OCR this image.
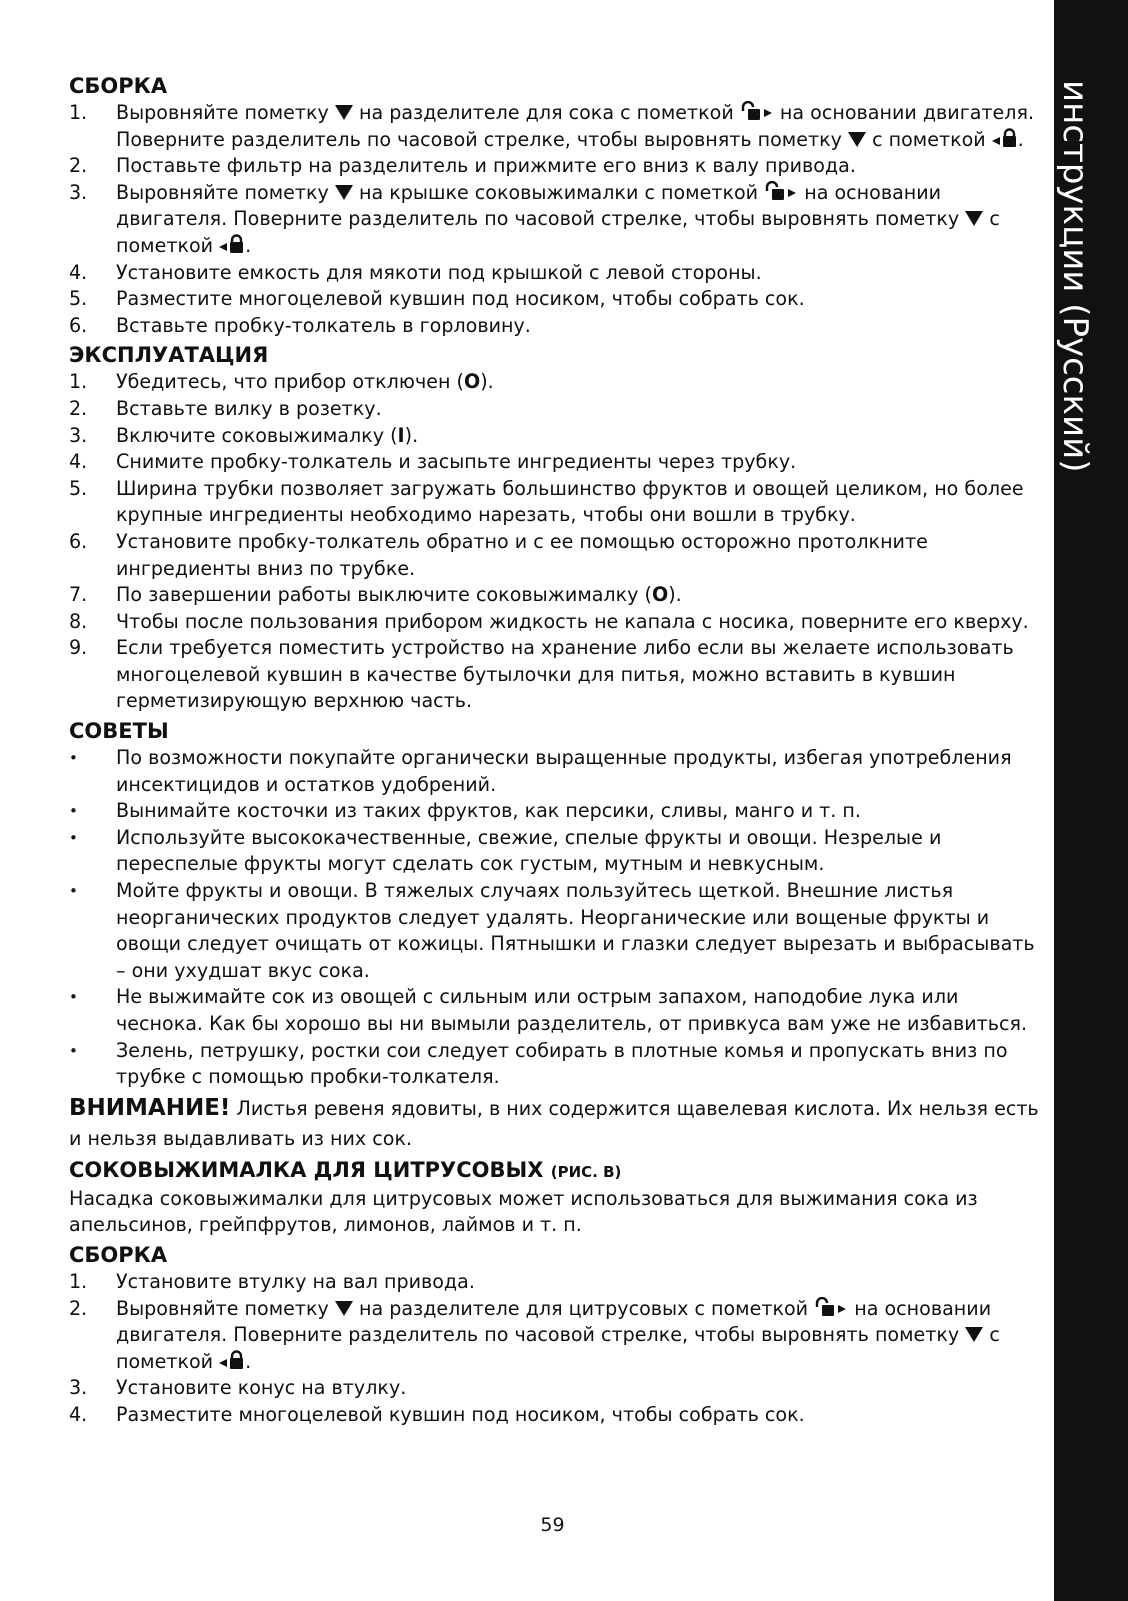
инструкции (Русский)
СБОРКА
1. Выровняйте пометку на разделителе для сока с пометкой на основании двигателя. Поверните разделитель по часовой стрелке, чтобы выровнять пометку с пометкой .
2. Поставьте фильтр на разделитель и прижмите его вниз к валу привода.
3. Выровняйте пометку на крышке соковыжималки с пометкой на основании двигателя. Поверните разделитель по часовой стрелке, чтобы выровнять пометку с пометкой .
4. Установите емкость для мякоти под крышкой с левой стороны.
5. Разместите многоцелевой кувшин под носиком, чтобы собрать сок.
6. Вставьте пробку-толкатель в горловину.
ЭКСПЛУАТАЦИЯ
1. Убедитесь, что прибор отключен (O).
2. Вставьте вилку в розетку.
3. Включите соковыжималку (I).
4. Снимите пробку-толкатель и засыпьте ингредиенты через трубку.
5. Ширина трубки позволяет загружать большинство фруктов и овощей целиком, но более крупные ингредиенты необходимо нарезать, чтобы они вошли в трубку.
6. Установите пробку-толкатель обратно и с ее помощью осторожно протолкните ингредиенты вниз по трубке.
7. По завершении работы выключите соковыжималку (O).
8. Чтобы после пользования прибором жидкость не капала с носика, поверните его кверху.
9. Если требуется поместить устройство на хранение либо если вы желаете использовать многоцелевой кувшин в качестве бутылочки для питья, можно вставить в кувшин герметизирующую верхнюю часть.
СОВЕТЫ
• По возможности покупайте органически выращенные продукты, избегая употребления инсектицидов и остатков удобрений.
• Вынимайте косточки из таких фруктов, как персики, сливы, манго и т. п.
• Используйте высококачественные, свежие, спелые фрукты и овощи. Незрелые и переспелые фрукты могут сделать сок густым, мутным и невкусным.
• Мойте фрукты и овощи. В тяжелых случаях пользуйтесь щеткой. Внешние листья неорганических продуктов следует удалять. Неорганические или вощеные фрукты и овощи следует очищать от кожицы. Пятнышки и глазки следует вырезать и выбрасывать – они ухудшат вкус сока.
• Не выжимайте сок из овощей с сильным или острым запахом, наподобие лука или чеснока. Как бы хорошо вы ни вымыли разделитель, от привкуса вам уже не избавиться.
• Зелень, петрушку, ростки сои следует собирать в плотные комья и пропускать вниз по трубке с помощью пробки-толкателя.

ВНИМАНИЕ! Листья ревеня ядовиты, в них содержится щавелевая кислота. Их нельзя есть и нельзя выдавливать из них сок.

СОКОВЫЖИМАЛКА ДЛЯ ЦИТРУСОВЫХ (РИС. B)

Насадка соковыжималки для цитрусовых может использоваться для выжимания сока из апельсинов, грейпфрутов, лимонов, лаймов и т. п.

СБОРКА
1. Установите втулку на вал привода.
2. Выровняйте пометку на разделителе для цитрусовых с пометкой на основании двигателя. Поверните разделитель по часовой стрелке, чтобы выровнять пометку с пометкой .
3. Установите конус на втулку.
4. Разместите многоцелевой кувшин под носиком, чтобы собрать сок.
59
